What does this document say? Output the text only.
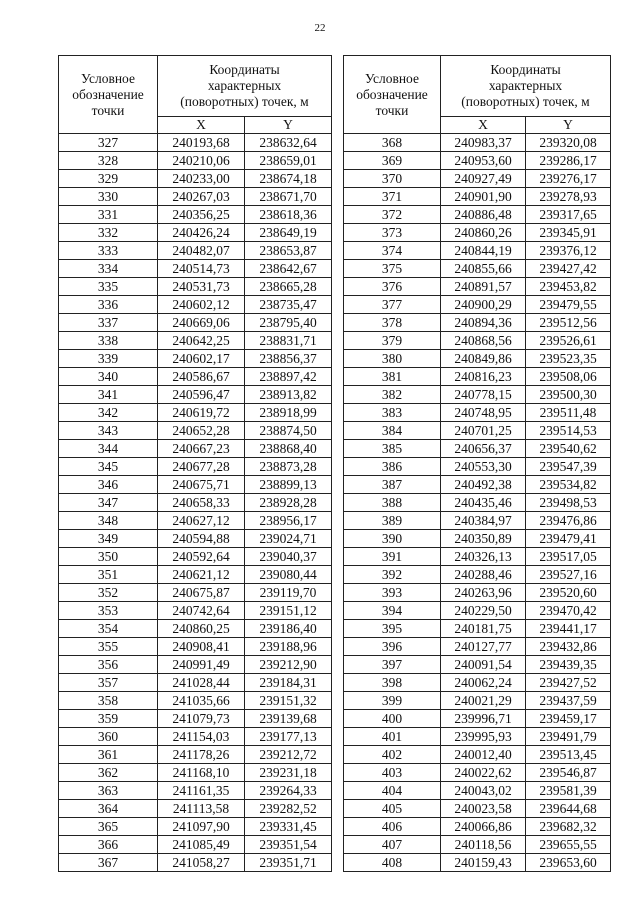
22
Условное
обозначение
точки	Координаты
характерных
(поворотных) точек, м	

	X	Y
327	240193,68	238632,64
328	240210,06	238659,01
329	240233,00	238674,18
330	240267,03	238671,70
331	240356,25	238618,36
332	240426,24	238649,19
333	240482,07	238653,87
334	240514,73	238642,67
335	240531,73	238665,28
336	240602,12	238735,47
337	240669,06	238795,40
338	240642,25	238831,71
339	240602,17	238856,37
340	240586,67	238897,42
341	240596,47	238913,82
342	240619,72	238918,99
343	240652,28	238874,50
344	240667,23	238868,40
345	240677,28	238873,28
346	240675,71	238899,13
347	240658,33	238928,28
348	240627,12	238956,17
349	240594,88	239024,71
350	240592,64	239040,37
351	240621,12	239080,44
352	240675,87	239119,70
353	240742,64	239151,12
354	240860,25	239186,40
355	240908,41	239188,96
356	240991,49	239212,90
357	241028,44	239184,31
358	241035,66	239151,32
359	241079,73	239139,68
360	241154,03	239177,13
361	241178,26	239212,72
362	241168,10	239231,18
363	241161,35	239264,33
364	241113,58	239282,52
365	241097,90	239331,45
366	241085,49	239351,54
367	241058,27	239351,71
Условное
обозначение
точки	Координаты
характерных
(поворотных) точек, м	

	X	Y
368	240983,37	239320,08
369	240953,60	239286,17
370	240927,49	239276,17
371	240901,90	239278,93
372	240886,48	239317,65
373	240860,26	239345,91
374	240844,19	239376,12
375	240855,66	239427,42
376	240891,57	239453,82
377	240900,29	239479,55
378	240894,36	239512,56
379	240868,56	239526,61
380	240849,86	239523,35
381	240816,23	239508,06
382	240778,15	239500,30
383	240748,95	239511,48
384	240701,25	239514,53
385	240656,37	239540,62
386	240553,30	239547,39
387	240492,38	239534,82
388	240435,46	239498,53
389	240384,97	239476,86
390	240350,89	239479,41
391	240326,13	239517,05
392	240288,46	239527,16
393	240263,96	239520,60
394	240229,50	239470,42
395	240181,75	239441,17
396	240127,77	239432,86
397	240091,54	239439,35
398	240062,24	239427,52
399	240021,29	239437,59
400	239996,71	239459,17
401	239995,93	239491,79
402	240012,40	239513,45
403	240022,62	239546,87
404	240043,02	239581,39
405	240023,58	239644,68
406	240066,86	239682,32
407	240118,56	239655,55
408	240159,43	239653,60
